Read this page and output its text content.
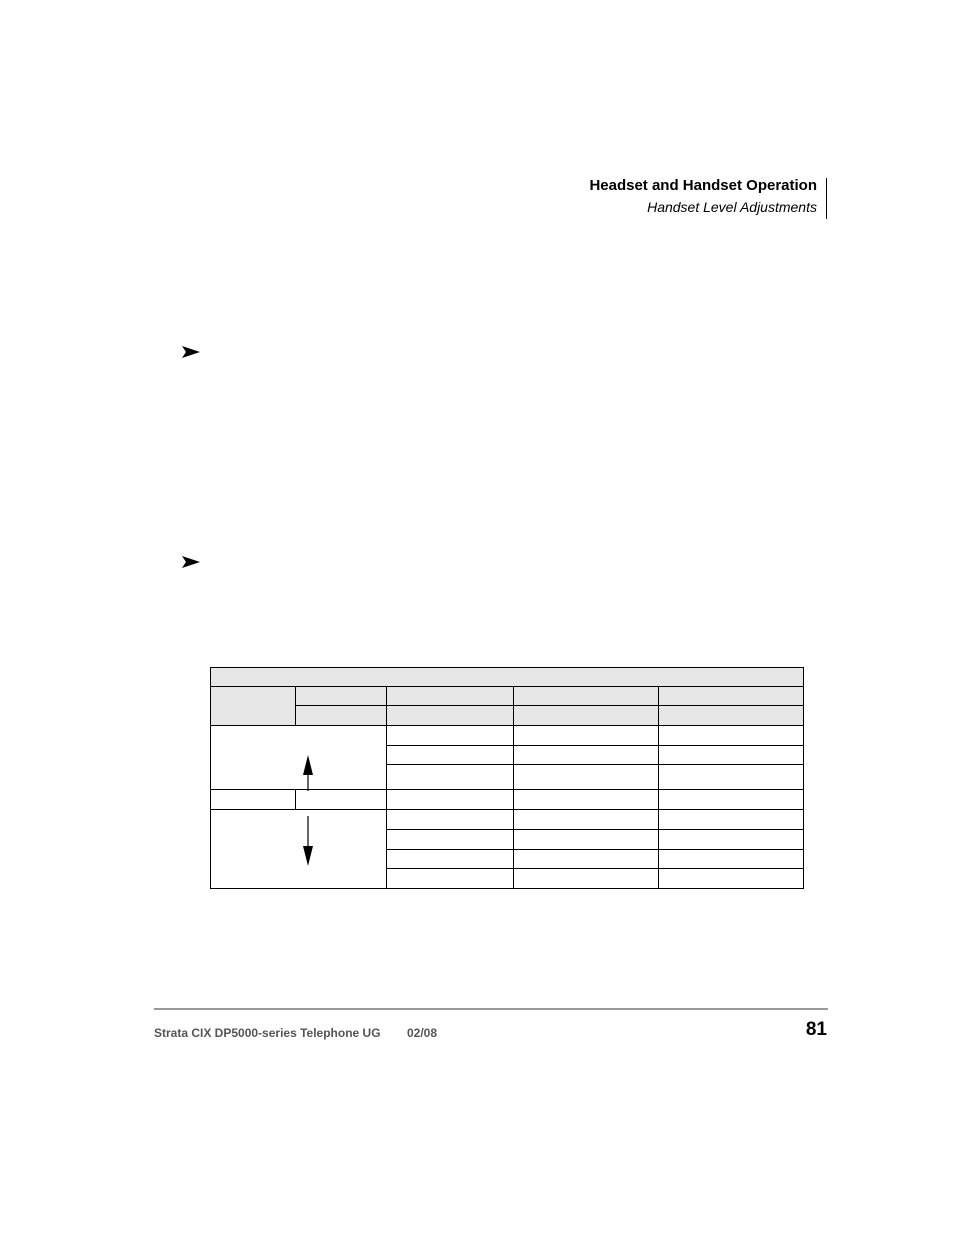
Headset and Handset Operation
Handset Level Adjustments

Strata CIX DP5000-series Telephone UG 02/08	81
